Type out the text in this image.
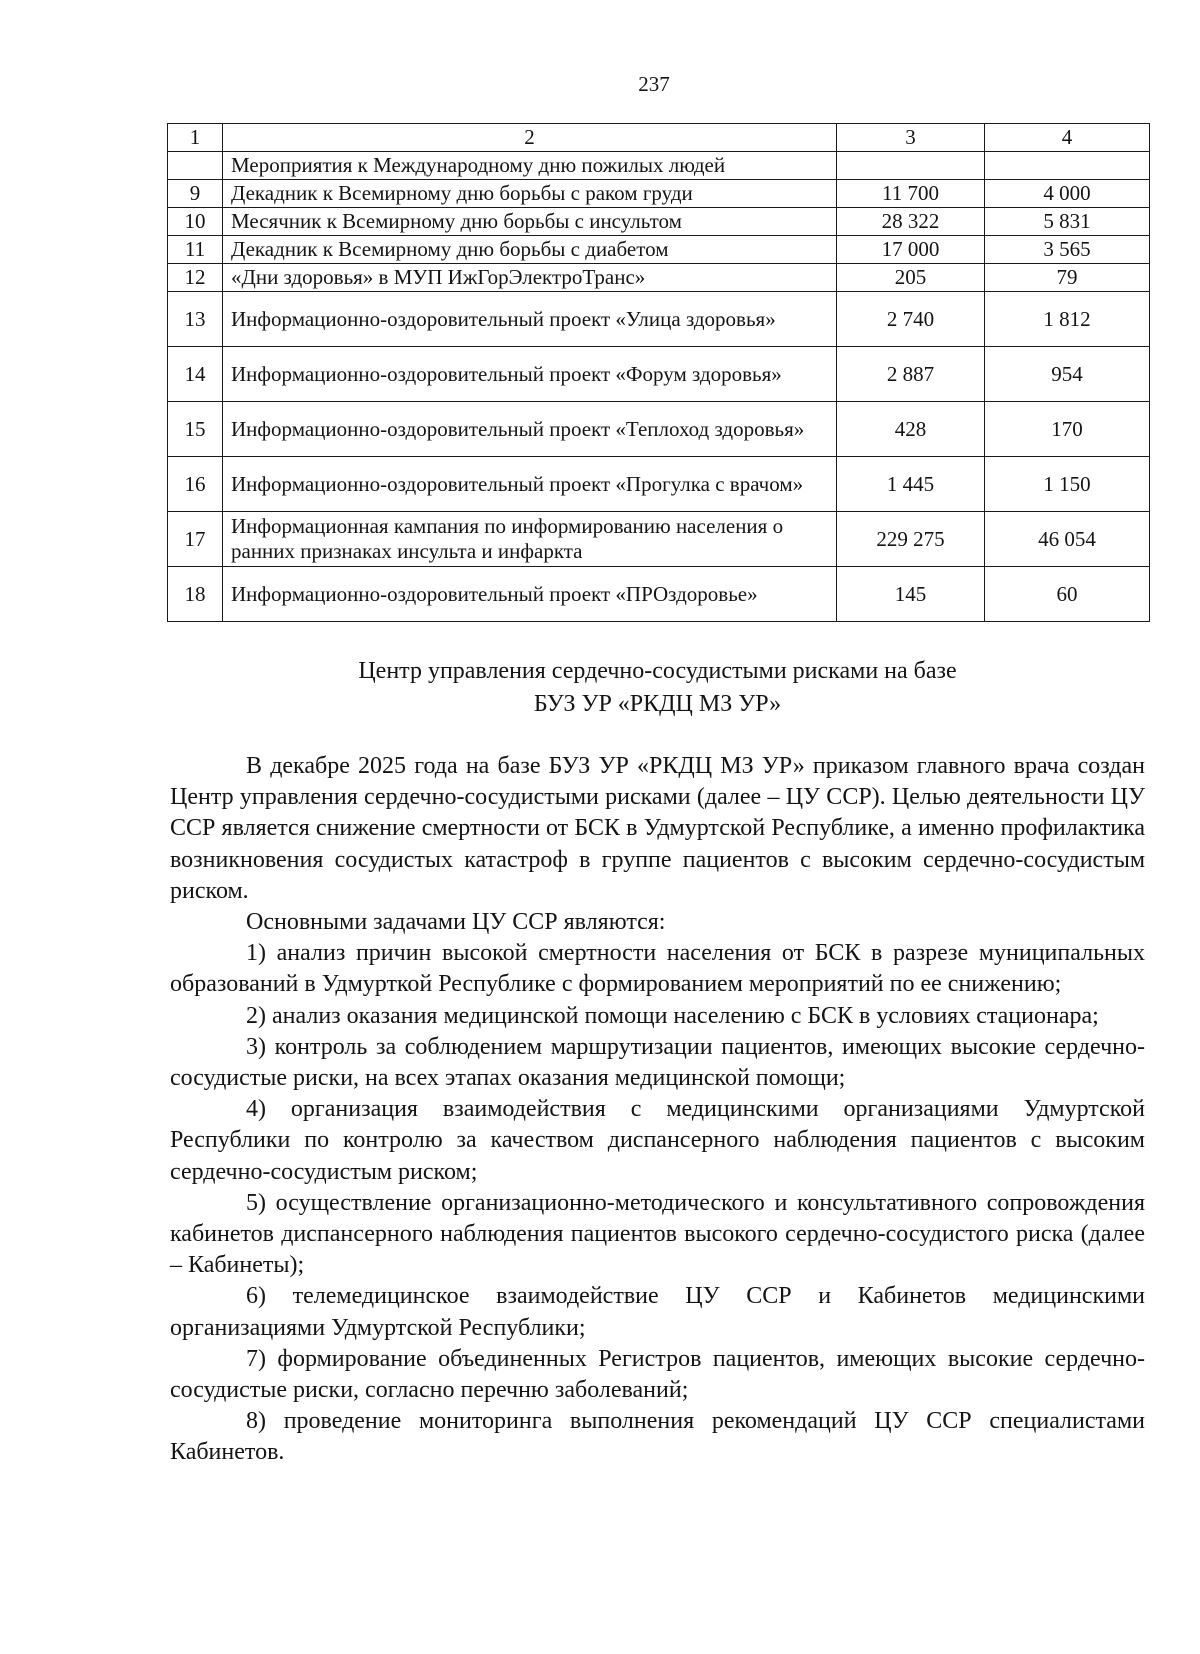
237
1	2	3	4
	Мероприятия к Международному дню пожилых людей		
9	Декадник к Всемирному дню борьбы с раком груди	11 700	4 000
10	Месячник к Всемирному дню борьбы с инсультом	28 322	5 831
11	Декадник к Всемирному дню борьбы с диабетом	17 000	3 565
12	«Дни здоровья» в МУП ИжГорЭлектроТранс»	205	79
13	Информационно-оздоровительный проект «Улица здоровья»	2 740	1 812
14	Информационно-оздоровительный проект «Форум здоровья»	2 887	954
15	Информационно-оздоровительный проект «Теплоход здоровья»	428	170
16	Информационно-оздоровительный проект «Прогулка с врачом»	1 445	1 150
17	Информационная кампания по информированию населения о ранних признаках инсульта и инфаркта	229 275	46 054
18	Информационно-оздоровительный проект «ПРОздоровье»	145	60
Центр управления сердечно-сосудистыми рисками на базе
БУЗ УР «РКДЦ МЗ УР»

В декабре 2025 года на базе БУЗ УР «РКДЦ МЗ УР» приказом главного врача создан Центр управления сердечно-сосудистыми рисками (далее – ЦУ ССР). Целью деятельности ЦУ ССР является снижение смертности от БСК в Удмуртской Республике, а именно профилактика возникновения сосудистых катастроф в группе пациентов с высоким сердечно-сосудистым риском.

Основными задачами ЦУ ССР являются:

1) анализ причин высокой смертности населения от БСК в разрезе муниципальных образований в Удмурткой Республике с формированием мероприятий по ее снижению;

2) анализ оказания медицинской помощи населению с БСК в условиях стационара;

3) контроль за соблюдением маршрутизации пациентов, имеющих высокие сердечно-сосудистые риски, на всех этапах оказания медицинской помощи;

4) организация взаимодействия с медицинскими организациями Удмуртской Республики по контролю за качеством диспансерного наблюдения пациентов с высоким сердечно-сосудистым риском;

5) осуществление организационно-методического и консультативного сопровождения кабинетов диспансерного наблюдения пациентов высокого сердечно-сосудистого риска (далее – Кабинеты);

6) телемедицинское взаимодействие ЦУ ССР и Кабинетов медицинскими организациями Удмуртской Республики;

7) формирование объединенных Регистров пациентов, имеющих высокие сердечно-сосудистые риски, согласно перечню заболеваний;

8) проведение мониторинга выполнения рекомендаций ЦУ ССР специалистами Кабинетов.
